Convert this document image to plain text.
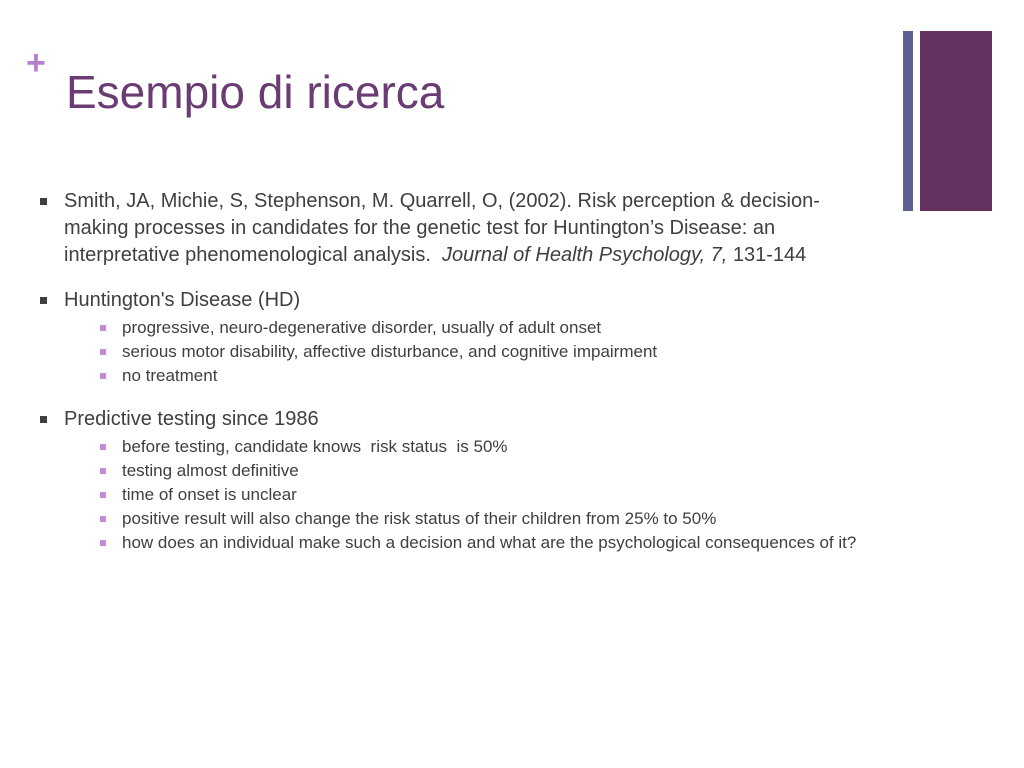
+
Esempio di ricerca
Smith, JA, Michie, S, Stephenson, M. Quarrell, O, (2002). Risk perception & decision-making processes in candidates for the genetic test for Huntington’s Disease: an interpretative phenomenological analysis.  Journal of Health Psychology, 7, 131-144
Huntington's Disease (HD)
progressive, neuro-degenerative disorder, usually of adult onset
serious motor disability, affective disturbance, and cognitive impairment
no treatment
Predictive testing since 1986
before testing, candidate knows  risk status  is 50%
testing almost definitive
time of onset is unclear
positive result will also change the risk status of their children from 25% to 50%
how does an individual make such a decision and what are the psychological consequences of it?
